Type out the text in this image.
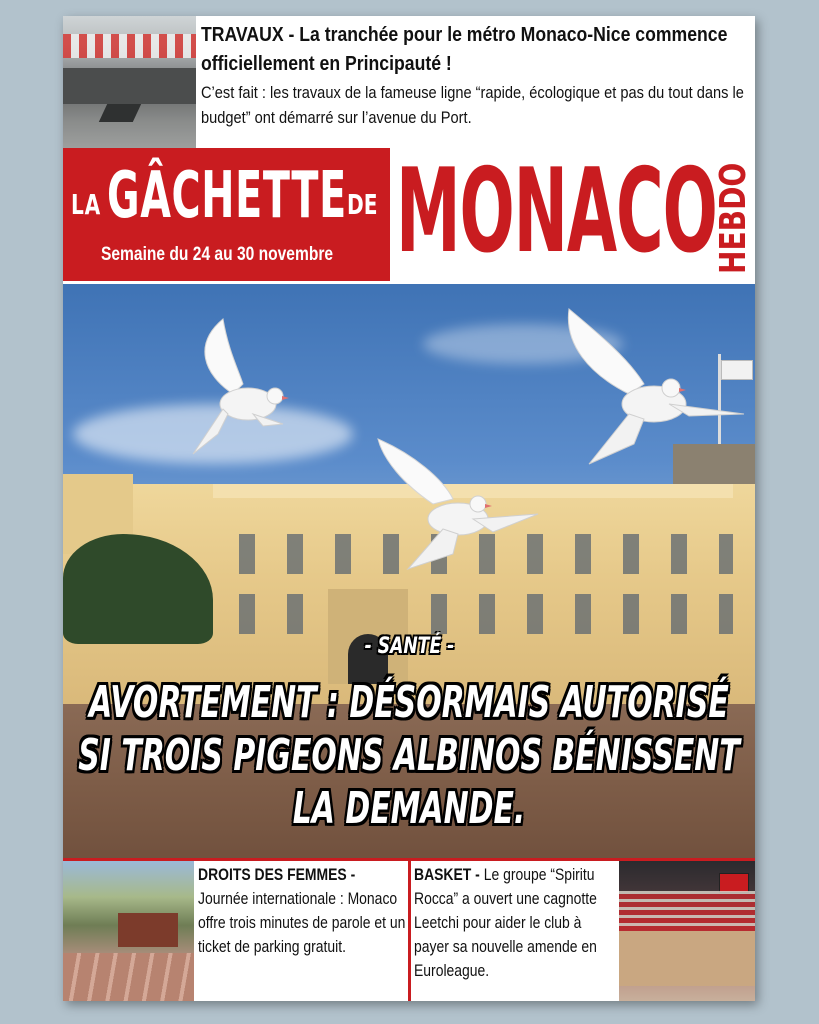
TRAVAUX - La tranchée pour le métro Monaco-Nice commence officiellement en Principauté !
C’est fait : les travaux de la fameuse ligne “rapide, écologique et pas du tout dans le budget” ont démarré sur l’avenue du Port.
LA GÂCHETTE DE MONACO
HEBDO
Semaine du 24 au 30 novembre
- SANTÉ -
AVORTEMENT : DÉSORMAIS AUTORISÉ SI TROIS PIGEONS ALBINOS BÉNISSENT LA DEMANDE.
DROITS DES FEMMES -
Journée internationale : Monaco offre trois minutes de parole et un ticket de parking gratuit.
BASKET - Le groupe “Spiritu Rocca” a ouvert une cagnotte Leetchi pour aider le club à payer sa nouvelle amende en Euroleague.
